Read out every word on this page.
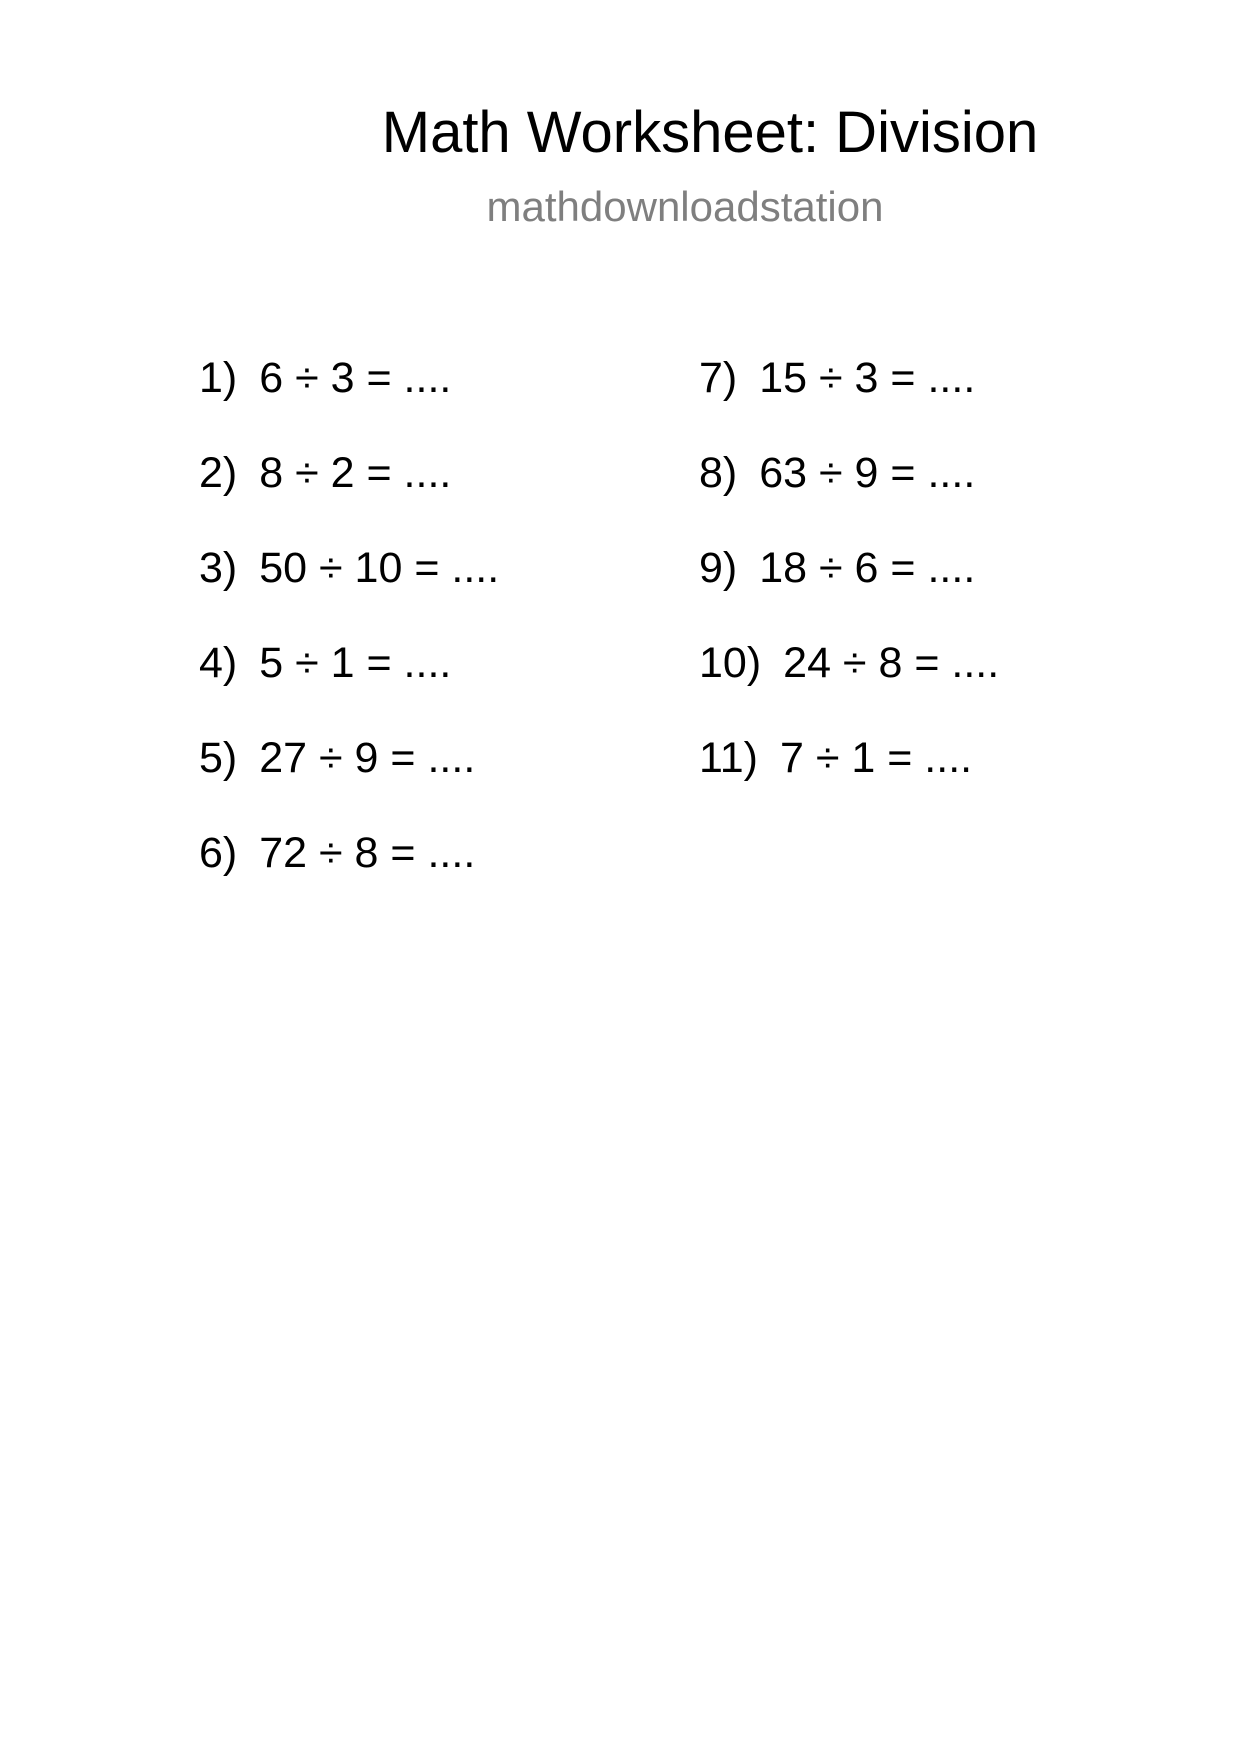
Math Worksheet: Division
mathdownloadstation
1) 6 ÷ 3 = ....
2) 8 ÷ 2 = ....
3) 50 ÷ 10 = ....
4) 5 ÷ 1 = ....
5) 27 ÷ 9 = ....
6) 72 ÷ 8 = ....
7) 15 ÷ 3 = ....
8) 63 ÷ 9 = ....
9) 18 ÷ 6 = ....
10) 24 ÷ 8 = ....
11) 7 ÷ 1 = ....
